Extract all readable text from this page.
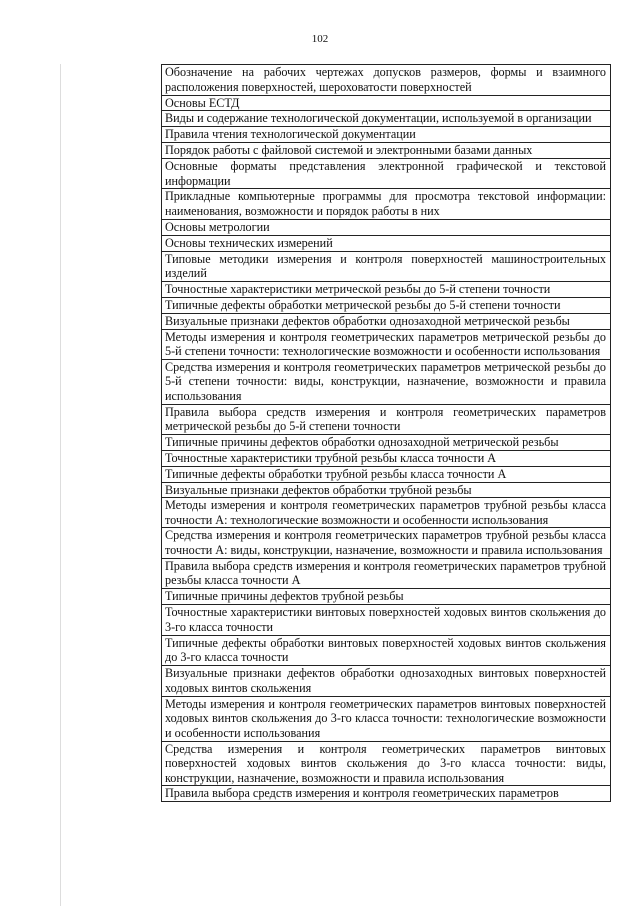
102
Обозначение на рабочих чертежах допусков размеров, формы и взаимного расположения поверхностей, шероховатости поверхностей
Основы ЕСТД
Виды и содержание технологической документации, используемой в организации
Правила чтения технологической документации
Порядок работы с файловой системой и электронными базами данных
Основные форматы представления электронной графической и текстовой информации
Прикладные компьютерные программы для просмотра текстовой информации: наименования, возможности и порядок работы в них
Основы метрологии
Основы технических измерений
Типовые методики измерения и контроля поверхностей машиностроительных изделий
Точностные характеристики метрической резьбы до 5-й степени точности
Типичные дефекты обработки метрической резьбы до 5-й степени точности
Визуальные признаки дефектов обработки однозаходной метрической резьбы
Методы измерения и контроля геометрических параметров метрической резьбы до 5-й степени точности: технологические возможности и особенности использования
Средства измерения и контроля геометрических параметров метрической резьбы до 5-й степени точности: виды, конструкции, назначение, возможности и правила использования
Правила выбора средств измерения и контроля геометрических параметров метрической резьбы до 5-й степени точности
Типичные причины дефектов обработки однозаходной метрической резьбы
Точностные характеристики трубной резьбы класса точности А
Типичные дефекты обработки трубной резьбы класса точности А
Визуальные признаки дефектов обработки трубной резьбы
Методы измерения и контроля геометрических параметров трубной резьбы класса точности А: технологические возможности и особенности использования
Средства измерения и контроля геометрических параметров трубной резьбы класса точности А: виды, конструкции, назначение, возможности и правила использования
Правила выбора средств измерения и контроля геометрических параметров трубной резьбы класса точности А
Типичные причины дефектов трубной резьбы
Точностные характеристики винтовых поверхностей ходовых винтов скольжения до 3-го класса точности
Типичные дефекты обработки винтовых поверхностей ходовых винтов скольжения до 3-го класса точности
Визуальные признаки дефектов обработки однозаходных винтовых поверхностей ходовых винтов скольжения
Методы измерения и контроля геометрических параметров винтовых поверхностей ходовых винтов скольжения до 3-го класса точности: технологические возможности и особенности использования
Средства измерения и контроля геометрических параметров винтовых поверхностей ходовых винтов скольжения до 3-го класса точности: виды, конструкции, назначение, возможности и правила использования
Правила выбора средств измерения и контроля геометрических параметров
